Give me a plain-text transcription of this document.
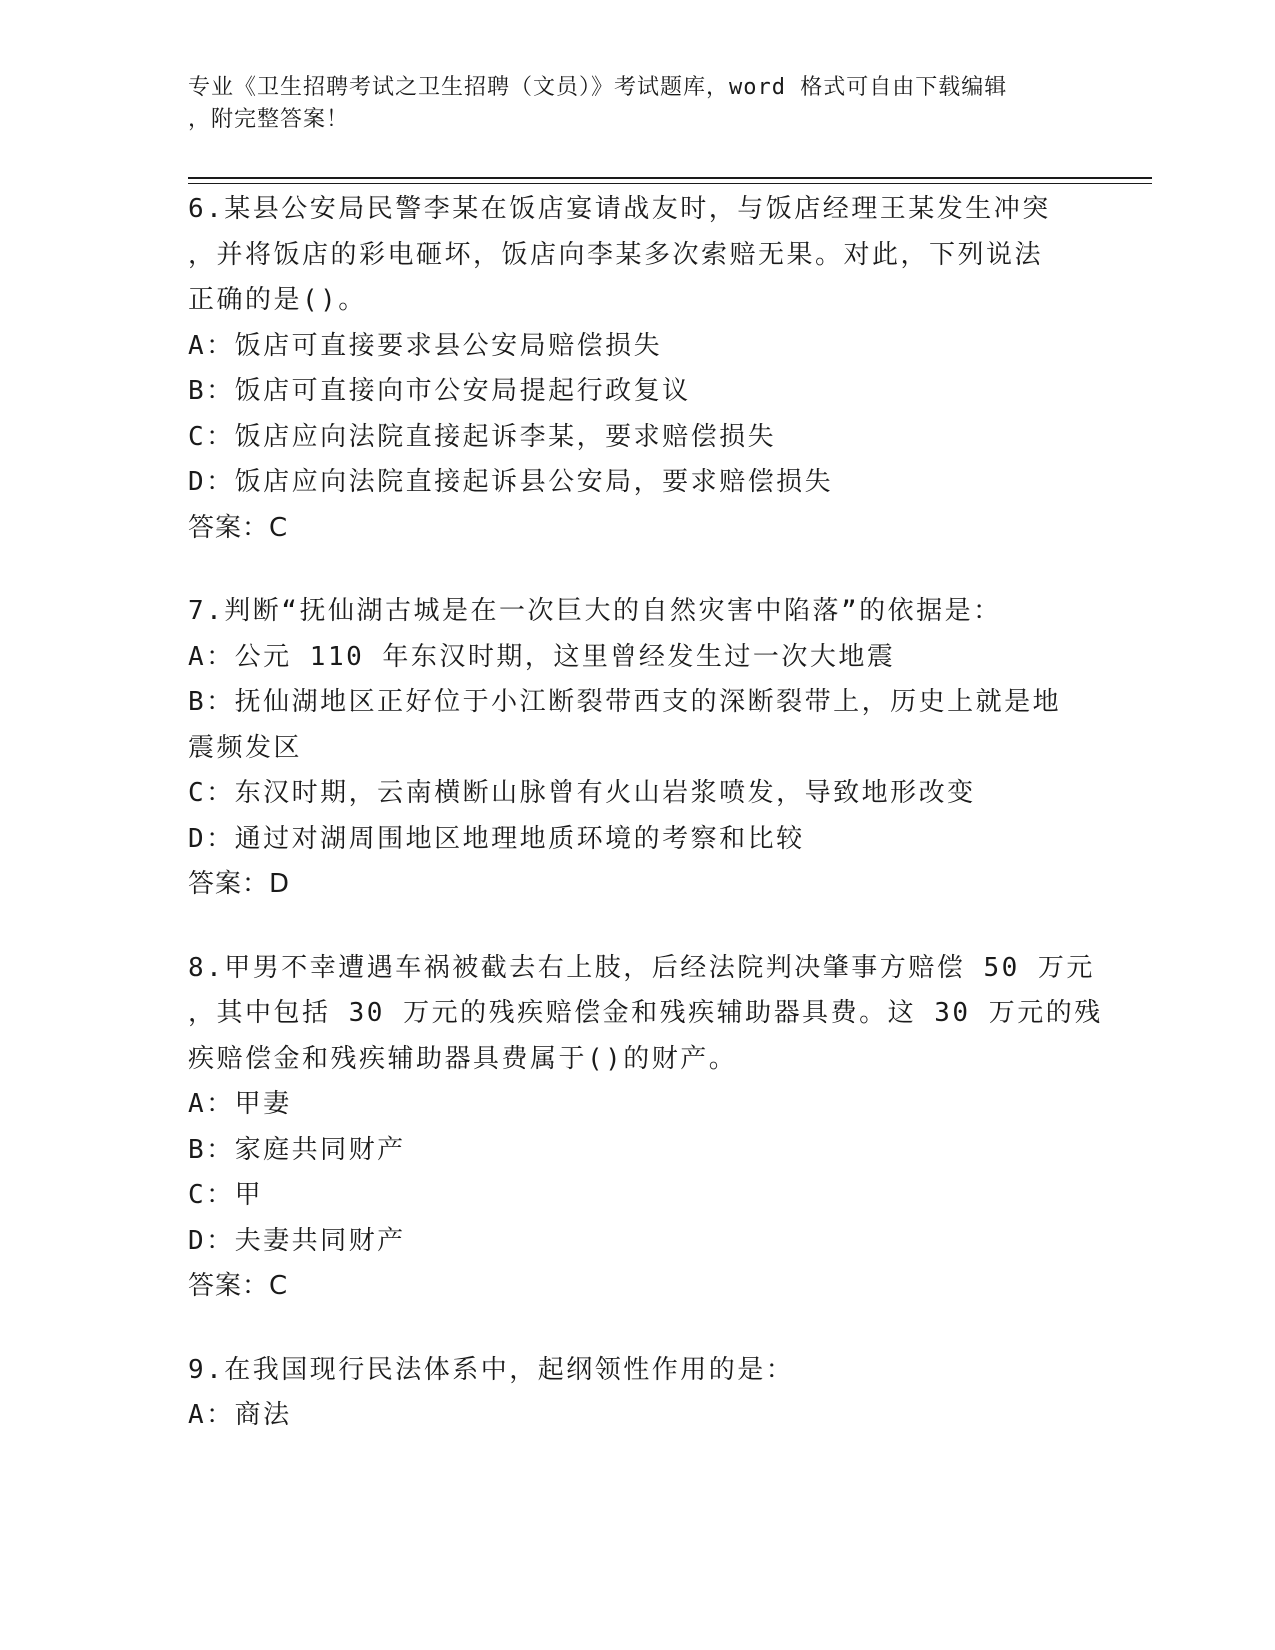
专业《卫生招聘考试之卫生招聘（文员）》考试题库，word 格式可自由下载编辑
，附完整答案！
6.某县公安局民警李某在饭店宴请战友时，与饭店经理王某发生冲突
，并将饭店的彩电砸坏，饭店向李某多次索赔无果。对此，下列说法
正确的是()。
A：饭店可直接要求县公安局赔偿损失
B：饭店可直接向市公安局提起行政复议
C：饭店应向法院直接起诉李某，要求赔偿损失
D：饭店应向法院直接起诉县公安局，要求赔偿损失
答案：C
7.判断“抚仙湖古城是在一次巨大的自然灾害中陷落”的依据是：
A：公元 110 年东汉时期，这里曾经发生过一次大地震
B：抚仙湖地区正好位于小江断裂带西支的深断裂带上，历史上就是地
震频发区
C：东汉时期，云南横断山脉曾有火山岩浆喷发，导致地形改变
D：通过对湖周围地区地理地质环境的考察和比较
答案：D
8.甲男不幸遭遇车祸被截去右上肢，后经法院判决肇事方赔偿 50 万元
，其中包括 30 万元的残疾赔偿金和残疾辅助器具费。这 30 万元的残
疾赔偿金和残疾辅助器具费属于()的财产。
A：甲妻
B：家庭共同财产
C：甲
D：夫妻共同财产
答案：C
9.在我国现行民法体系中，起纲领性作用的是：
A：商法
